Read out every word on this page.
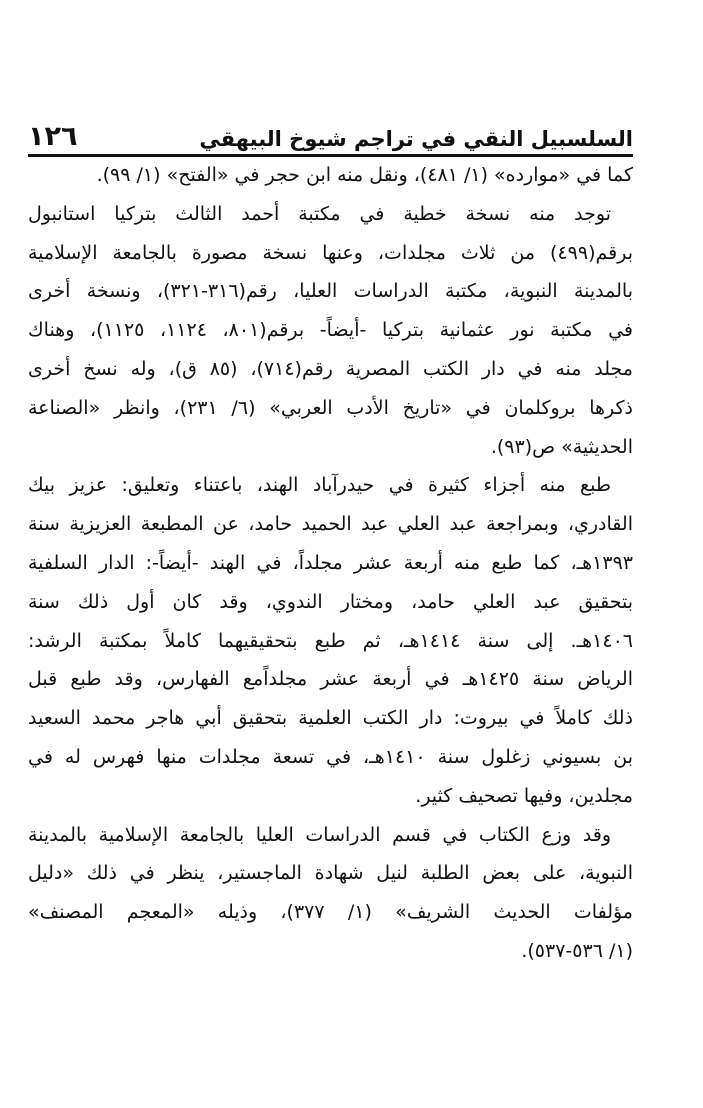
السلسبيل النقي في تراجم شيوخ البيهقي
١٢٦
كما في «موارده» (١/ ٤٨١)، ونقل منه ابن حجر في «الفتح» (١/ ٩٩).
توجد منه نسخة خطية في مكتبة أحمد الثالث بتركيا استانبول
برقم(٤٩٩) من ثلاث مجلدات، وعنها نسخة مصورة بالجامعة الإسلامية
بالمدينة النبوية، مكتبة الدراسات العليا، رقم(٣١٦-٣٢١)، ونسخة أخرى
في مكتبة نور عثمانية بتركيا -أيضاً- برقم(٨٠١، ١١٢٤، ١١٢٥)، وهناك
مجلد منه في دار الكتب المصرية رقم(٧١٤)، (٨٥ ق)، وله نسخ أخرى
ذكرها بروكلمان في «تاريخ الأدب العربي» (٦/ ٢٣١)، وانظر «الصناعة
الحديثية» ص(٩٣).
طبع منه أجزاء كثيرة في حيدرآباد الهند، باعتناء وتعليق: عزيز بيك
القادري، وبمراجعة عبد العلي عبد الحميد حامد، عن المطبعة العزيزية سنة
١٣٩٣هـ، كما طبع منه أربعة عشر مجلداً، في الهند -أيضاً-: الدار السلفية
بتحقيق عبد العلي حامد، ومختار الندوي، وقد كان أول ذلك سنة
١٤٠٦هـ. إلى سنة ١٤١٤هـ، ثم طبع بتحقيقيهما كاملاً بمكتبة الرشد:
الرياض سنة ١٤٢٥هـ في أربعة عشر مجلداًمع الفهارس، وقد طبع قبل
ذلك كاملاً في بيروت: دار الكتب العلمية بتحقيق أبي هاجر محمد السعيد
بن بسيوني زغلول سنة ١٤١٠هـ، في تسعة مجلدات منها فهرس له في
مجلدين، وفيها تصحيف كثير.
وقد وزع الكتاب في قسم الدراسات العليا بالجامعة الإسلامية بالمدينة
النبوية، على بعض الطلبة لنيل شهادة الماجستير، ينظر في ذلك «دليل
مؤلفات الحديث الشريف» (١/ ٣٧٧)، وذيله «المعجم المصنف»
(١/ ٥٣٦-٥٣٧).
